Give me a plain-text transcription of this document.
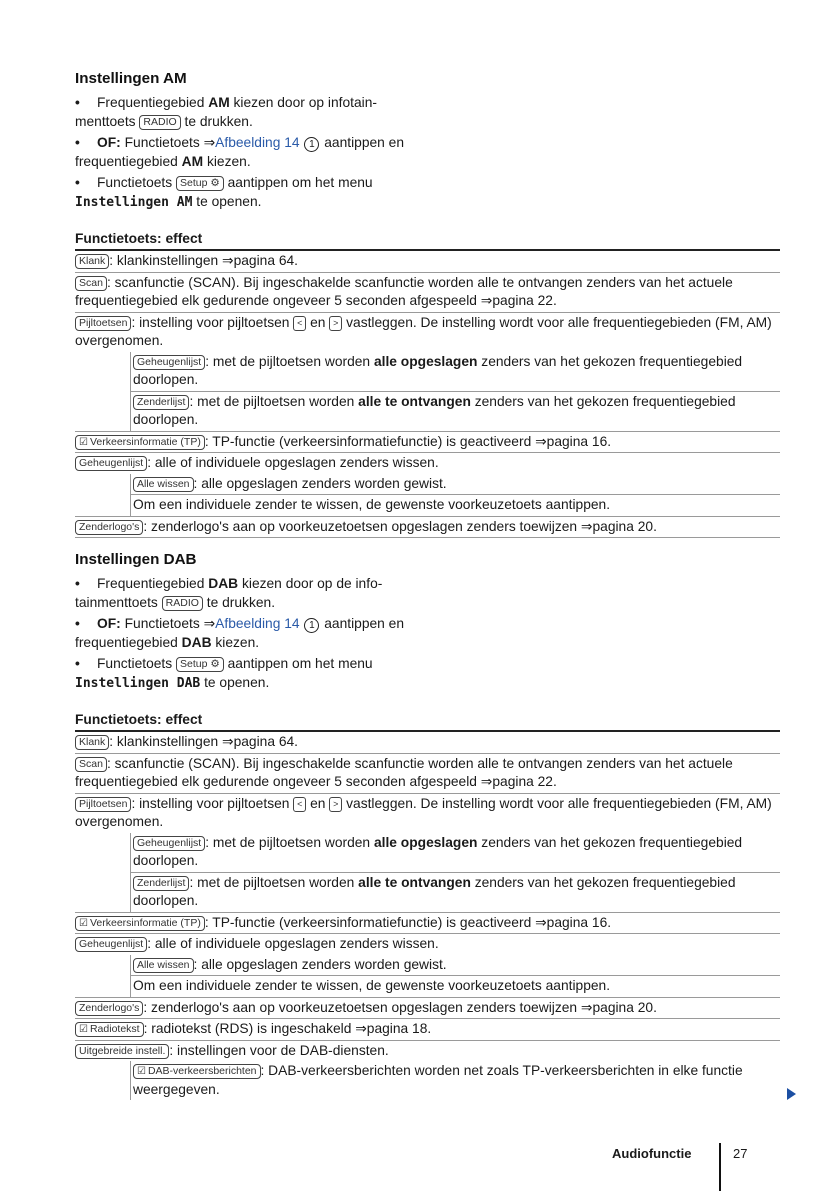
Instellingen AM
• Frequentiegebied AM kiezen door op infotain-menttoets RADIO te drukken.
• OF: Functietoets ⇒Afbeelding 14 1 aantippen en frequentiegebied AM kiezen.
• Functietoets Setup ⚙ aantippen om het menu Instellingen AM te openen.
Functietoets: effect
Klank : klankinstellingen ⇒pagina 64.
Scan : scanfunctie (SCAN). Bij ingeschakelde scanfunctie worden alle te ontvangen zenders van het actuele frequentiegebied elk gedurende ongeveer 5 seconden afgespeeld ⇒pagina 22.
Pijltoetsen : instelling voor pijltoetsen < en > vastleggen. De instelling wordt voor alle frequentiegebieden (FM, AM) overgenomen.
Geheugenlijst : met de pijltoetsen worden alle opgeslagen zenders van het gekozen frequentiegebied doorlopen.
Zenderlijst : met de pijltoetsen worden alle te ontvangen zenders van het gekozen frequentiegebied doorlopen.
☑ Verkeersinformatie (TP) : TP-functie (verkeersinformatiefunctie) is geactiveerd ⇒pagina 16.
Geheugenlijst : alle of individuele opgeslagen zenders wissen.
Alle wissen : alle opgeslagen zenders worden gewist.
Om een individuele zender te wissen, de gewenste voorkeuzetoets aantippen.
Zenderlogo's : zenderlogo's aan op voorkeuzetoetsen opgeslagen zenders toewijzen ⇒pagina 20.
Instellingen DAB
• Frequentiegebied DAB kiezen door op de info-tainmenttoets RADIO te drukken.
• OF: Functietoets ⇒Afbeelding 14 1 aantippen en frequentiegebied DAB kiezen.
• Functietoets Setup ⚙ aantippen om het menu Instellingen DAB te openen.
Functietoets: effect
Klank : klankinstellingen ⇒pagina 64.
Scan : scanfunctie (SCAN). Bij ingeschakelde scanfunctie worden alle te ontvangen zenders van het actuele frequentiegebied elk gedurende ongeveer 5 seconden afgespeeld ⇒pagina 22.
Pijltoetsen : instelling voor pijltoetsen < en > vastleggen. De instelling wordt voor alle frequentiegebieden (FM, AM) overgenomen.
Geheugenlijst : met de pijltoetsen worden alle opgeslagen zenders van het gekozen frequentiegebied doorlopen.
Zenderlijst : met de pijltoetsen worden alle te ontvangen zenders van het gekozen frequentiegebied doorlopen.
☑ Verkeersinformatie (TP) : TP-functie (verkeersinformatiefunctie) is geactiveerd ⇒pagina 16.
Geheugenlijst : alle of individuele opgeslagen zenders wissen.
Alle wissen : alle opgeslagen zenders worden gewist.
Om een individuele zender te wissen, de gewenste voorkeuzetoets aantippen.
Zenderlogo's : zenderlogo's aan op voorkeuzetoetsen opgeslagen zenders toewijzen ⇒pagina 20.
☑ Radiotekst : radiotekst (RDS) is ingeschakeld ⇒pagina 18.
Uitgebreide instell. : instellingen voor de DAB-diensten.
☑ DAB-verkeersberichten : DAB-verkeersberichten worden net zoals TP-verkeersberichten in elke functie weergegeven.
Audiofunctie	27
